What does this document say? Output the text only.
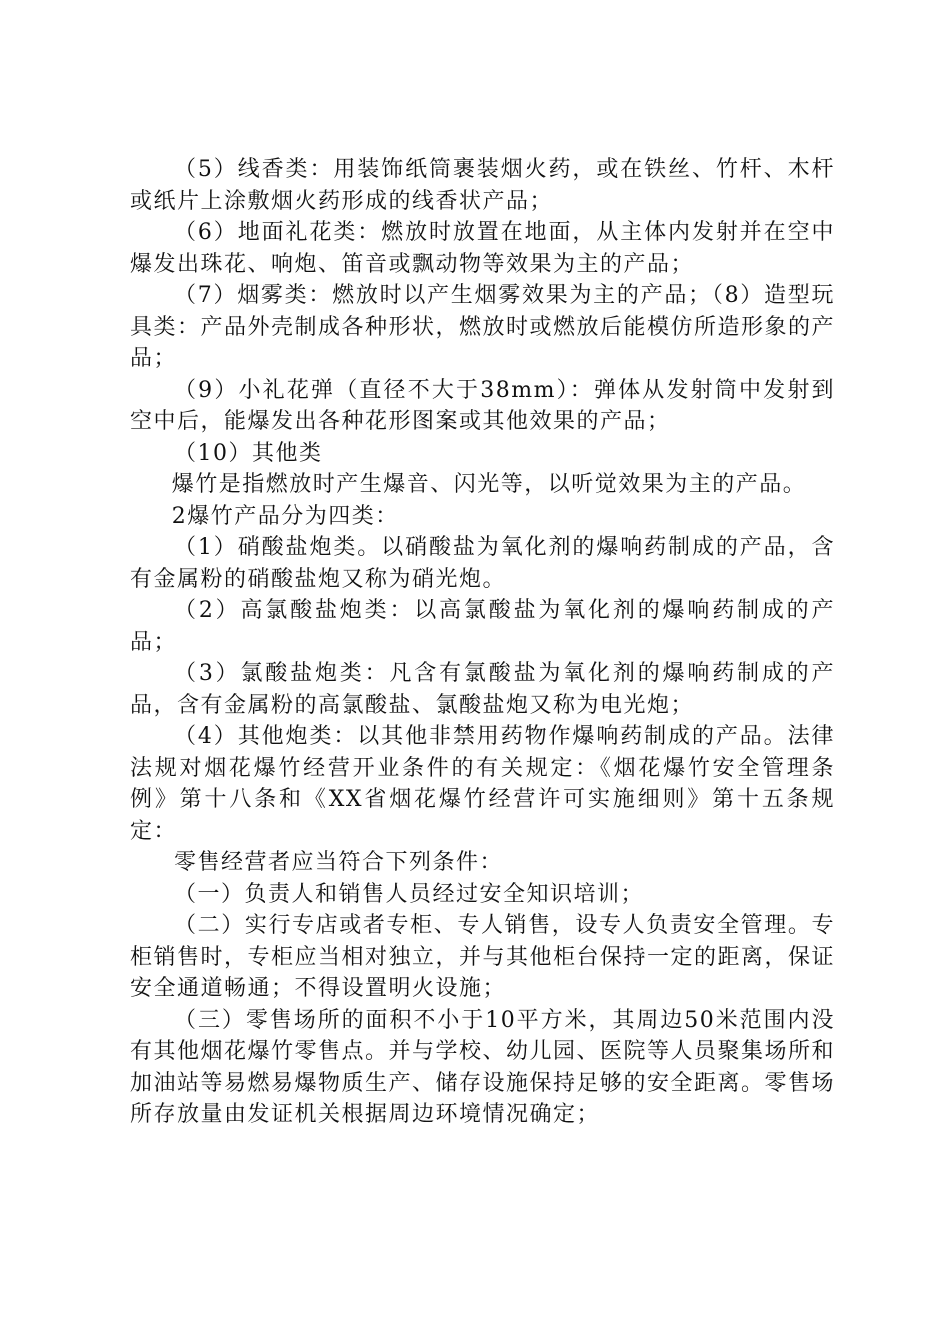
（5）线香类：用装饰纸筒裹装烟火药，或在铁丝、竹杆、木杆或纸片上涂敷烟火药形成的线香状产品；

（6）地面礼花类：燃放时放置在地面，从主体内发射并在空中爆发出珠花、响炮、笛音或飘动物等效果为主的产品；

（7）烟雾类：燃放时以产生烟雾效果为主的产品；（8）造型玩具类：产品外壳制成各种形状，燃放时或燃放后能模仿所造形象的产品；

（9）小礼花弹（直径不大于38mm）：弹体从发射筒中发射到空中后，能爆发出各种花形图案或其他效果的产品；

（10）其他类

爆竹是指燃放时产生爆音、闪光等，以听觉效果为主的产品。

2爆竹产品分为四类：

（1）硝酸盐炮类。以硝酸盐为氧化剂的爆响药制成的产品，含有金属粉的硝酸盐炮又称为硝光炮。

（2）高氯酸盐炮类：以高氯酸盐为氧化剂的爆响药制成的产品；

（3）氯酸盐炮类：凡含有氯酸盐为氧化剂的爆响药制成的产品，含有金属粉的高氯酸盐、氯酸盐炮又称为电光炮；

（4）其他炮类：以其他非禁用药物作爆响药制成的产品。法律法规对烟花爆竹经营开业条件的有关规定：《烟花爆竹安全管理条例》第十八条和《XX省烟花爆竹经营许可实施细则》第十五条规定：

零售经营者应当符合下列条件：

（一）负责人和销售人员经过安全知识培训；

（二）实行专店或者专柜、专人销售，设专人负责安全管理。专柜销售时，专柜应当相对独立，并与其他柜台保持一定的距离，保证安全通道畅通；不得设置明火设施；

（三）零售场所的面积不小于10平方米，其周边50米范围内没有其他烟花爆竹零售点。并与学校、幼儿园、医院等人员聚集场所和加油站等易燃易爆物质生产、储存设施保持足够的安全距离。零售场所存放量由发证机关根据周边环境情况确定；
